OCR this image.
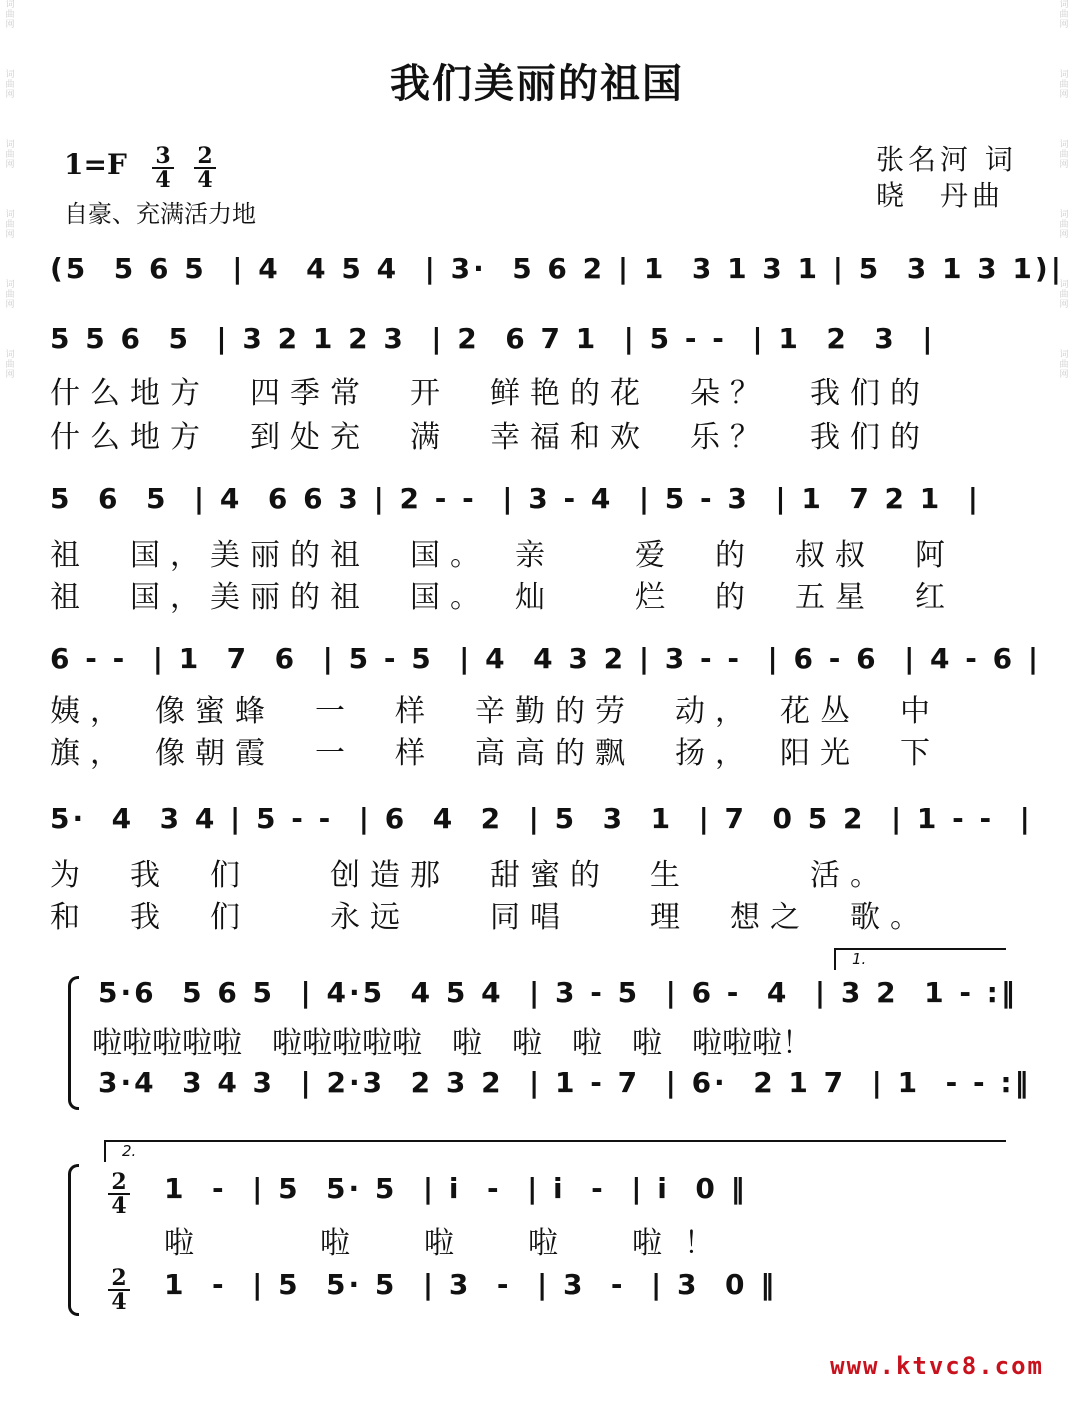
词曲网
词曲网
词曲网
词曲网
词曲网
词曲网
词曲网
词曲网
词曲网
词曲网
词曲网
词曲网
我们美丽的祖国
1=F 3
4
2
4
自豪、充满活力地
张名河 词
晓　丹曲
(5  5 6 5  | 4  4 5 4  | 3·  5 6 2 | 1  3 1 3 1 | 5  3 1 3 1)|
5 5 6  5  | 3 2 1 2 3  | 2  6 7 1  | 5 - -  | 1  2  3  |
什么地方　四季常　开　鲜艳的花　朵？　我们的
什么地方　到处充　满　幸福和欢　乐？　我们的
5  6  5  | 4  6 6 3 | 2 - -  | 3 - 4  | 5 - 3  | 1  7 2 1  |
祖　国，美丽的祖　国。　亲　　爱　的　叔叔　阿
祖　国，美丽的祖　国。　灿　　烂　的　五星　红
6 - -  | 1  7  6  | 5 - 5  | 4  4 3 2 | 3 - -  | 6 - 6  | 4 - 6 |
姨，　像蜜蜂　一　样　辛勤的劳　动，　花丛　中
旗，　像朝霞　一　样　高高的飘　扬，　阳光　下
5·  4  3 4 | 5 - -  | 6  4  2  | 5  3  1  | 7  0 5 2  | 1 - -  |
为　我　们　　创造那　甜蜜的　生　　　活。
和　我　们　　永远　　同唱　　理　想之　歌。
1.
5·6  5 6 5  | 4·5  4 5 4  | 3 - 5  | 6 -  4  | 3 2  1 - :‖
啦啦啦啦啦　啦啦啦啦啦　啦　啦　啦　啦　啦啦啦！
3·4  3 4 3  | 2·3  2 3 2  | 1 - 7  | 6·  2 1 7  | 1  - - :‖
2.
2
4
2
4
1  -  | 5  5· 5  | i  -  | i  -  | i  0 ‖
啦　　啦　啦　啦　啦！
1  -  | 5  5· 5  | 3  -  | 3  -  | 3  0 ‖
www.ktvc8.com
